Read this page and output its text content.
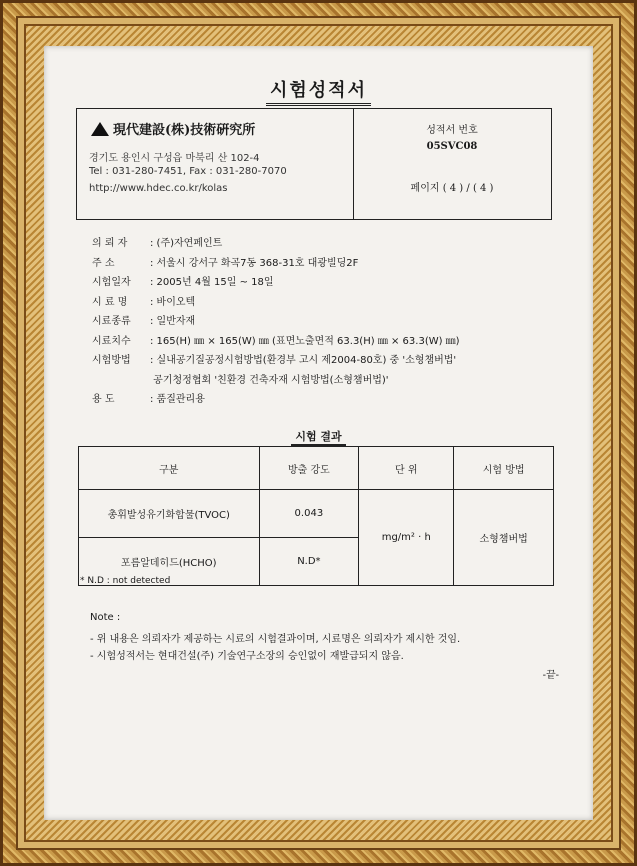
시험성적서
現代建設(株)技術硏究所
경기도 용인시 구성읍 마북리 산 102-4
Tel : 031-280-7451, Fax : 031-280-7070
http://www.hdec.co.kr/kolas
성적서 번호
05SVC08
페이지 ( 4 ) / ( 4 )
의 뢰 자 : (주)자연페인트
주 소	: 서울시 강서구 화곡7동 368-31호 대광빌딩2F
시험일자 : 2005년 4월 15일 ~ 18일
시 료 명 : 바이오텍
시료종류 : 일반자재
시료치수 : 165(H) ㎜ × 165(W) ㎜ (표면노출면적 63.3(H) ㎜ × 63.3(W) ㎜)
시험방법 : 실내공기질공정시험방법(환경부 고시 제2004-80호) 중 '소형챔버법'
공기청정협회 '친환경 건축자재 시험방법(소형챔버법)'
용 도	: 품질관리용
시험 결과
구분	방출 강도	단 위	시험 방법
총휘발성유기화합물(TVOC)	0.043	mg/m² · h	소형챔버법
포름알데히드(HCHO)	N.D*		
* N.D : not detected
Note :
- 위 내용은 의뢰자가 제공하는 시료의 시험결과이며, 시료명은 의뢰자가 제시한 것임.
- 시험성적서는 현대건설(주) 기술연구소장의 승인없이 재발급되지 않음.
-끝-
